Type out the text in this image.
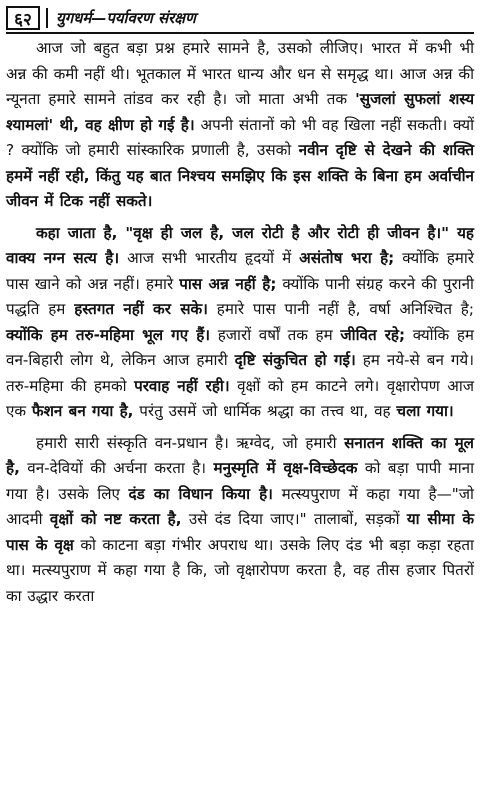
६२	युगधर्म—पर्यावरण संरक्षण

आज जो बहुत बड़ा प्रश्न हमारे सामने है, उसको लीजिए। भारत में कभी भी अन्न की कमी नहीं थी। भूतकाल में भारत धान्य और धन से समृद्ध था। आज अन्न की न्यूनता हमारे सामने तांडव कर रही है। जो माता अभी तक 'सुजलां सुफलां शस्य श्यामलां' थी, वह क्षीण हो गई है। अपनी संतानों को भी वह खिला नहीं सकती। क्यों ? क्योंकि जो हमारी सांस्कारिक प्रणाली है, उसको नवीन दृष्टि से देखने की शक्ति हममें नहीं रही, किंतु यह बात निश्चय समझिए कि इस शक्ति के बिना हम अर्वाचीन जीवन में टिक नहीं सकते।

कहा जाता है, "वृक्ष ही जल है, जल रोटी है और रोटी ही जीवन है।" यह वाक्य नग्न सत्य है। आज सभी भारतीय हृदयों में असंतोष भरा है; क्योंकि हमारे पास खाने को अन्न नहीं। हमारे पास अन्न नहीं है; क्योंकि पानी संग्रह करने की पुरानी पद्धति हम हस्तगत नहीं कर सके। हमारे पास पानी नहीं है, वर्षा अनिश्चित है; क्योंकि हम तरु-महिमा भूल गए हैं। हजारों वर्षों तक हम जीवित रहे; क्योंकि हम वन-बिहारी लोग थे, लेकिन आज हमारी दृष्टि संकुचित हो गई। हम नये-से बन गये। तरु-महिमा की हमको परवाह नहीं रही। वृक्षों को हम काटने लगे। वृक्षारोपण आज एक फैशन बन गया है, परंतु उसमें जो धार्मिक श्रद्धा का तत्त्व था, वह चला गया।

हमारी सारी संस्कृति वन-प्रधान है। ऋग्वेद, जो हमारी सनातन शक्ति का मूल है, वन-देवियों की अर्चना करता है। मनुस्मृति में वृक्ष-विच्छेदक को बड़ा पापी माना गया है। उसके लिए दंड का विधान किया है। मत्स्यपुराण में कहा गया है—"जो आदमी वृक्षों को नष्ट करता है, उसे दंड दिया जाए।" तालाबों, सड़कों या सीमा के पास के वृक्ष को काटना बड़ा गंभीर अपराध था। उसके लिए दंड भी बड़ा कड़ा रहता था। मत्स्यपुराण में कहा गया है कि, जो वृक्षारोपण करता है, वह तीस हजार पितरों का उद्धार करता
